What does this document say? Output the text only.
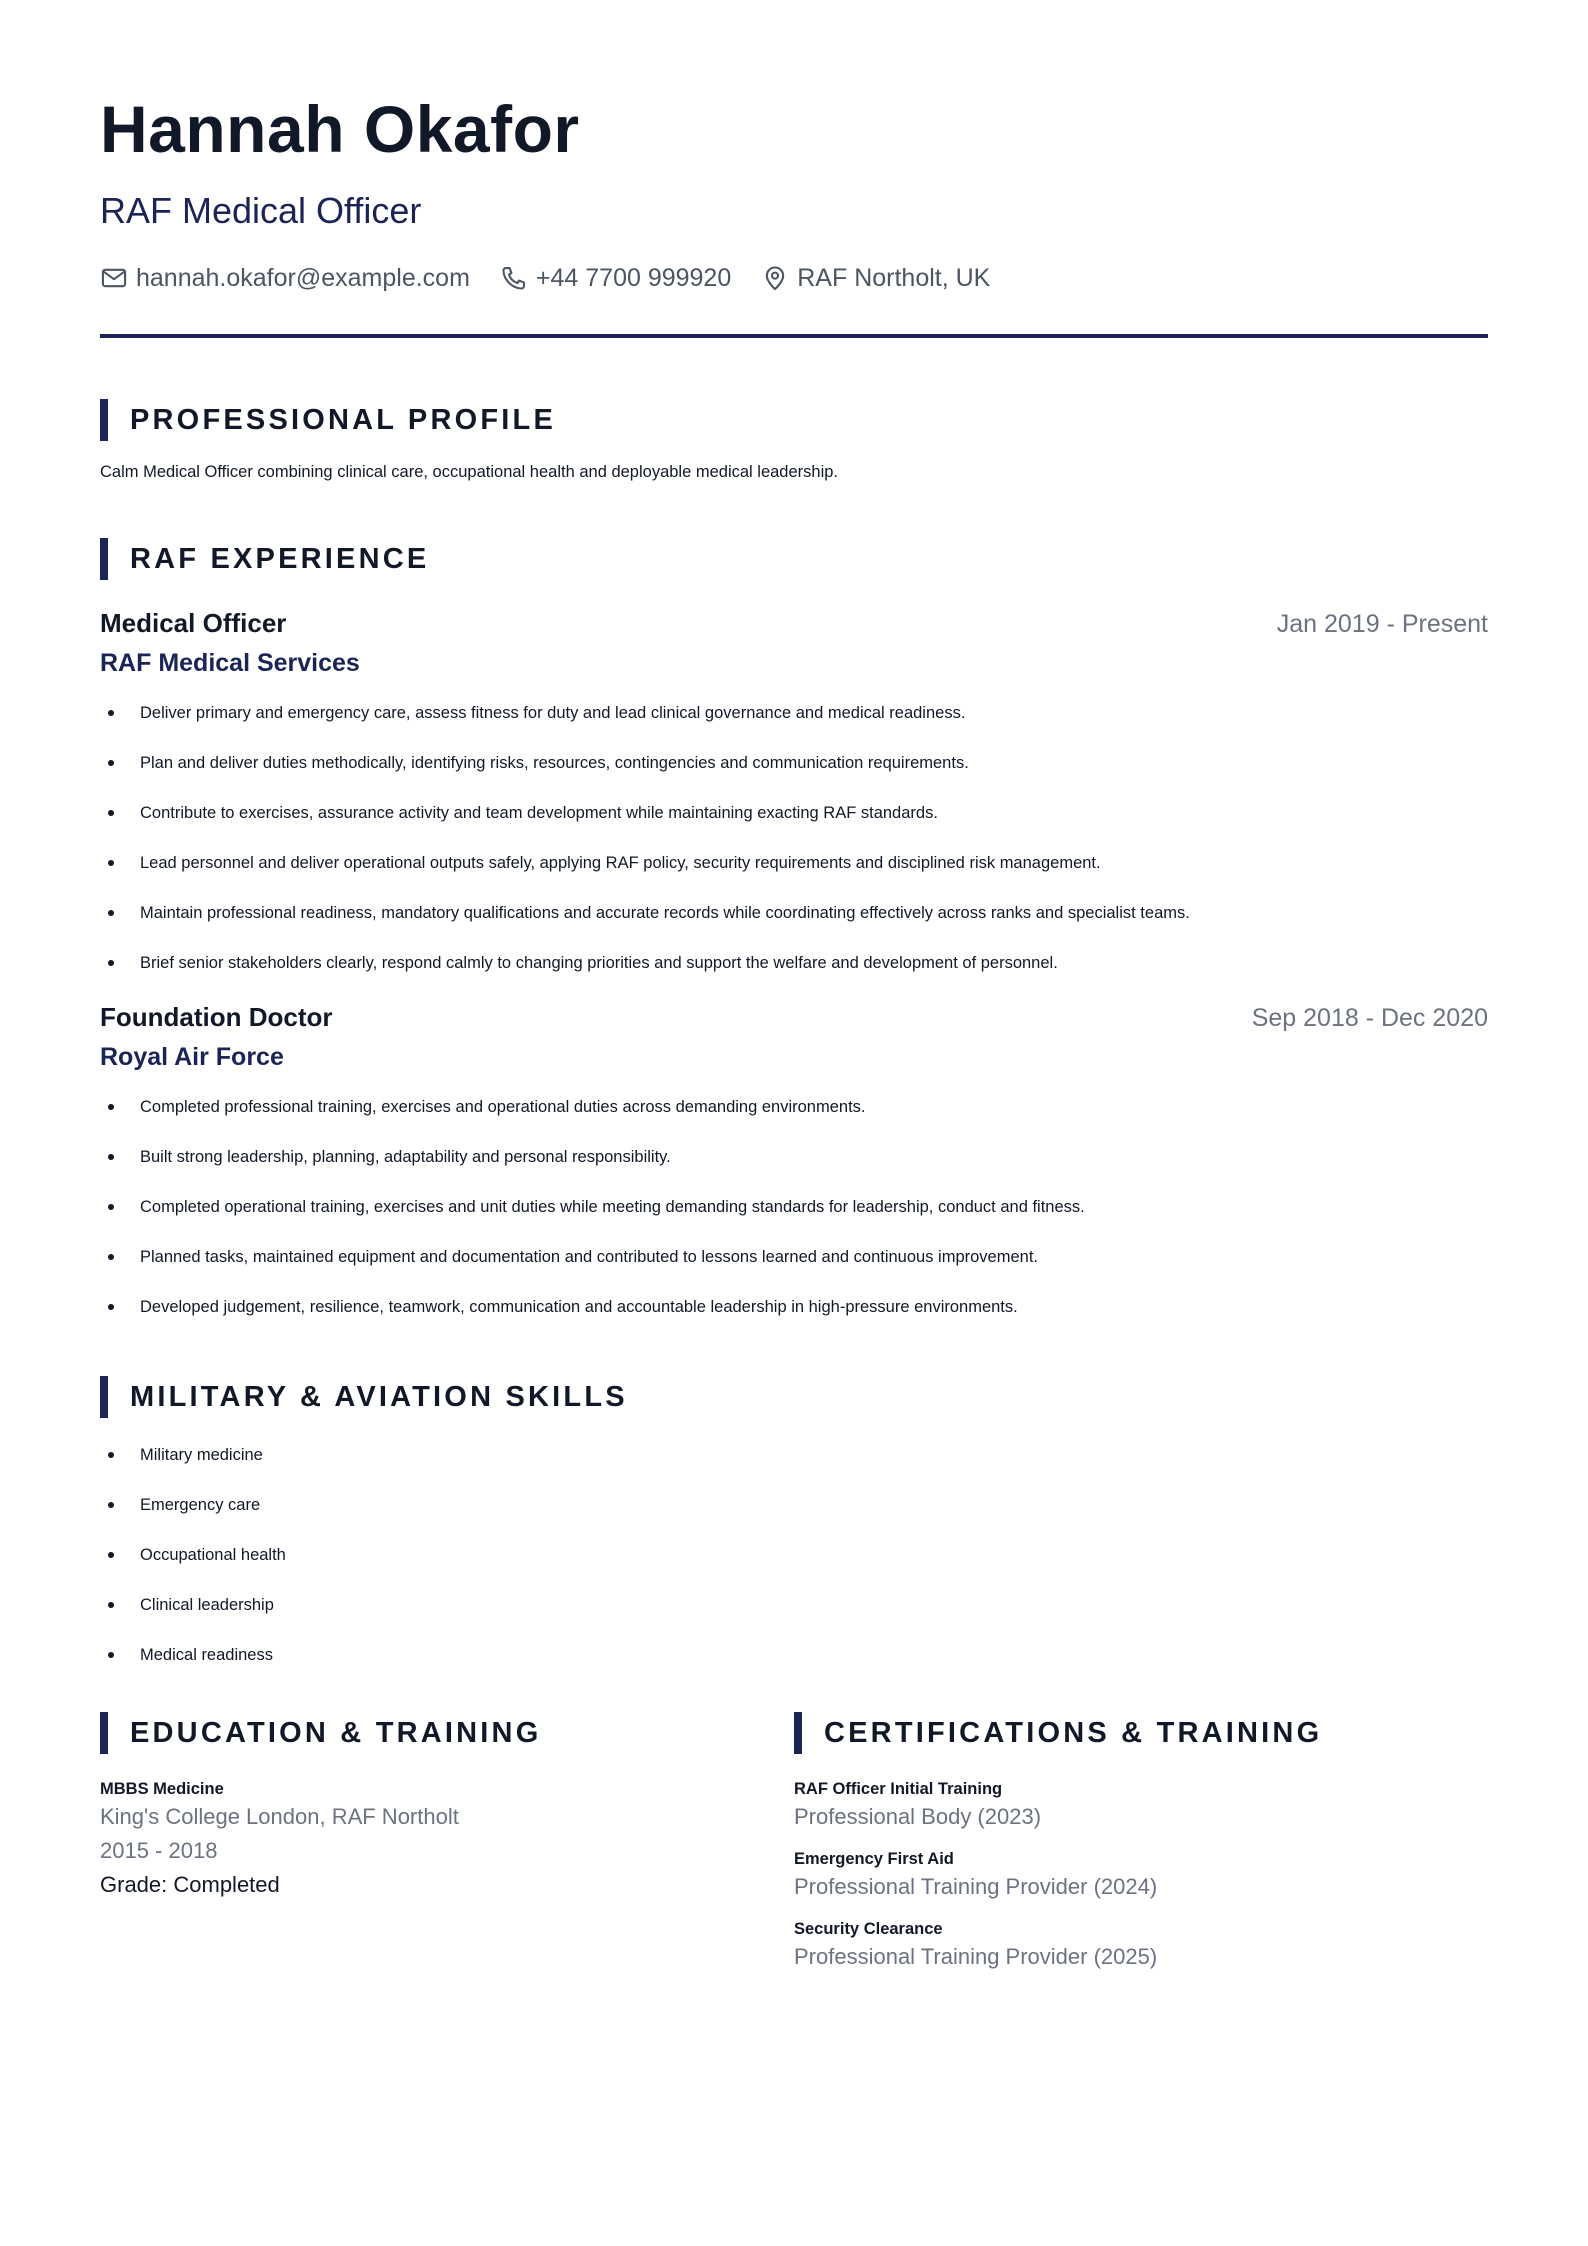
Hannah Okafor
RAF Medical Officer
hannah.okafor@example.com	+44 7700 999920	RAF Northolt, UK
PROFESSIONAL PROFILE
Calm Medical Officer combining clinical care, occupational health and deployable medical leadership.
RAF EXPERIENCE
Medical Officer	Jan 2019 - Present
RAF Medical Services
Deliver primary and emergency care, assess fitness for duty and lead clinical governance and medical readiness.
Plan and deliver duties methodically, identifying risks, resources, contingencies and communication requirements.
Contribute to exercises, assurance activity and team development while maintaining exacting RAF standards.
Lead personnel and deliver operational outputs safely, applying RAF policy, security requirements and disciplined risk management.
Maintain professional readiness, mandatory qualifications and accurate records while coordinating effectively across ranks and specialist teams.
Brief senior stakeholders clearly, respond calmly to changing priorities and support the welfare and development of personnel.
Foundation Doctor	Sep 2018 - Dec 2020
Royal Air Force
Completed professional training, exercises and operational duties across demanding environments.
Built strong leadership, planning, adaptability and personal responsibility.
Completed operational training, exercises and unit duties while meeting demanding standards for leadership, conduct and fitness.
Planned tasks, maintained equipment and documentation and contributed to lessons learned and continuous improvement.
Developed judgement, resilience, teamwork, communication and accountable leadership in high-pressure environments.
MILITARY & AVIATION SKILLS
Military medicine
Emergency care
Occupational health
Clinical leadership
Medical readiness
EDUCATION & TRAINING
MBBS Medicine
King's College London, RAF Northolt
2015 - 2018
Grade: Completed
CERTIFICATIONS & TRAINING
RAF Officer Initial Training
Professional Body (2023)
Emergency First Aid
Professional Training Provider (2024)
Security Clearance
Professional Training Provider (2025)
